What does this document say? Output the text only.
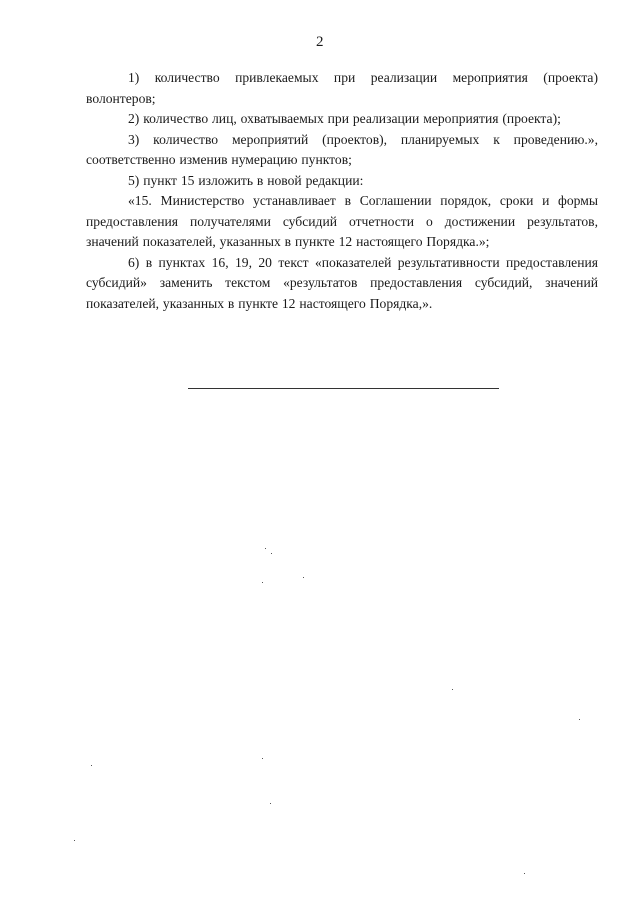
2

1) количество привлекаемых при реализации мероприятия (проекта) волонтеров;

2) количество лиц, охватываемых при реализации мероприятия (проекта);

3) количество мероприятий (проектов), планируемых к проведению.», соответственно изменив нумерацию пунктов;

5) пункт 15 изложить в новой редакции:

«15. Министерство устанавливает в Соглашении порядок, сроки и формы предоставления получателями субсидий отчетности о достижении результатов, значений показателей, указанных в пункте 12 настоящего Порядка.»;

6) в пунктах 16, 19, 20 текст «показателей результативности предоставления субсидий» заменить текстом «результатов предоставления субсидий, значений показателей, указанных в пункте 12 настоящего Порядка,».
